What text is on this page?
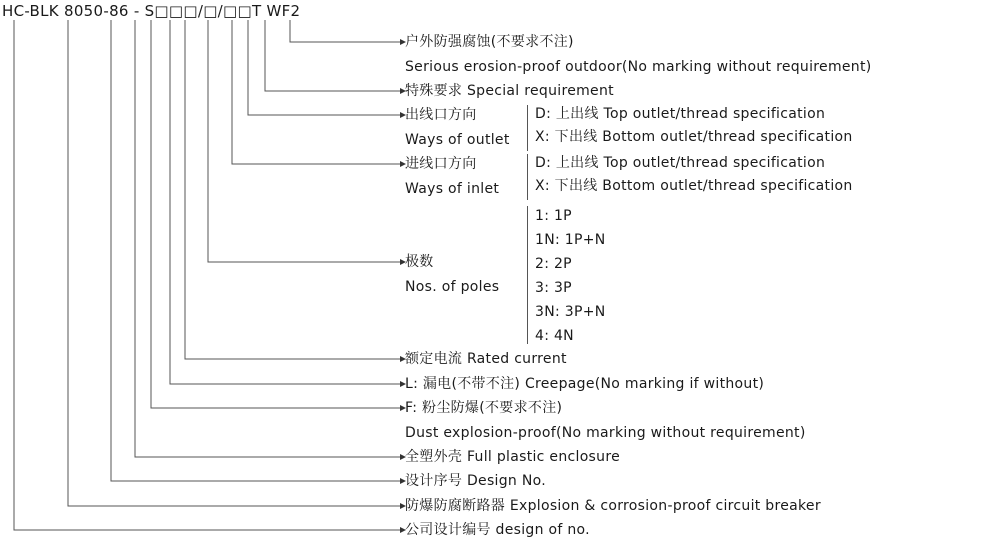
HC-BLK 8050-86 - S□□□/□/□□T WF2
户外防强腐蚀(不要求不注)
Serious erosion-proof outdoor(No marking without requirement)
特殊要求 Special requirement
出线口方向
Ways of outlet
D: 上出线 Top outlet/thread specification
X: 下出线 Bottom outlet/thread specification
进线口方向
Ways of inlet
D: 上出线 Top outlet/thread specification
X: 下出线 Bottom outlet/thread specification
极数
Nos. of poles
1: 1P
1N: 1P+N
2: 2P
3: 3P
3N: 3P+N
4: 4N
额定电流 Rated current
L: 漏电(不带不注) Creepage(No marking if without)
F: 粉尘防爆(不要求不注)
Dust explosion-proof(No marking without requirement)
全塑外壳 Full plastic enclosure
设计序号 Design No.
防爆防腐断路器 Explosion & corrosion-proof circuit breaker
公司设计编号 design of no.
